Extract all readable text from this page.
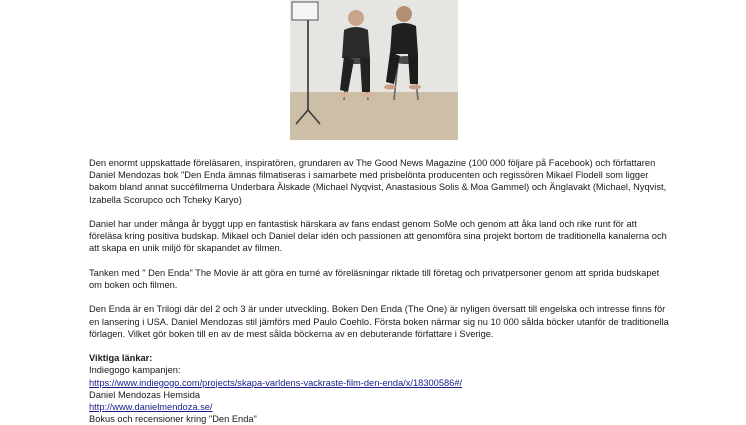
Den enormt uppskattade föreläsaren, inspiratören, grundaren av The Good News Magazine (100 000 följare på Facebook) och författaren Daniel Mendozas bok "Den Enda ämnas filmatiseras i samarbete med prisbelönta producenten och regissören Mikael Flodell som ligger bakom bland annat succéfilmerna Underbara Älskade (Michael Nyqvist, Anastasious Solis & Moa Gammel) och Änglavakt (Michael, Nyqvist, Izabella Scorupco och Tcheky Karyo)

Daniel har under många år byggt upp en fantastisk härskara av fans endast genom SoMe och genom att åka land och rike runt för att föreläsa kring positiva budskap. Mikael och Daniel delar idén och passionen att genomföra sina projekt bortom de traditionella kanalerna och att skapa en unik miljö för skapandet av filmen.

Tanken med " Den Enda" The Movie är att göra en turné av föreläsningar riktade till företag och privatpersoner genom att sprida budskapet om boken och filmen.

Den Enda är en Trilogi där del 2 och 3 är under utveckling. Boken Den Enda (The One) är nyligen översatt till engelska och intresse finns för en lansering i USA. Daniel Mendozas stil jämförs med Paulo Coehlo. Första boken närmar sig nu 10 000 sålda böcker utanför de traditionella förlagen. Vilket gör boken till en av de mest sålda böckerna av en debuterande författare i Sverige.

Viktiga länkar:
Indiegogo kampanjen:
https://www.indiegogo.com/projects/skapa-varldens-vackraste-film-den-enda/x/18300586#/
Daniel Mendozas Hemsida
http://www.danielmendoza.se/
Bokus och recensioner kring "Den Enda"
